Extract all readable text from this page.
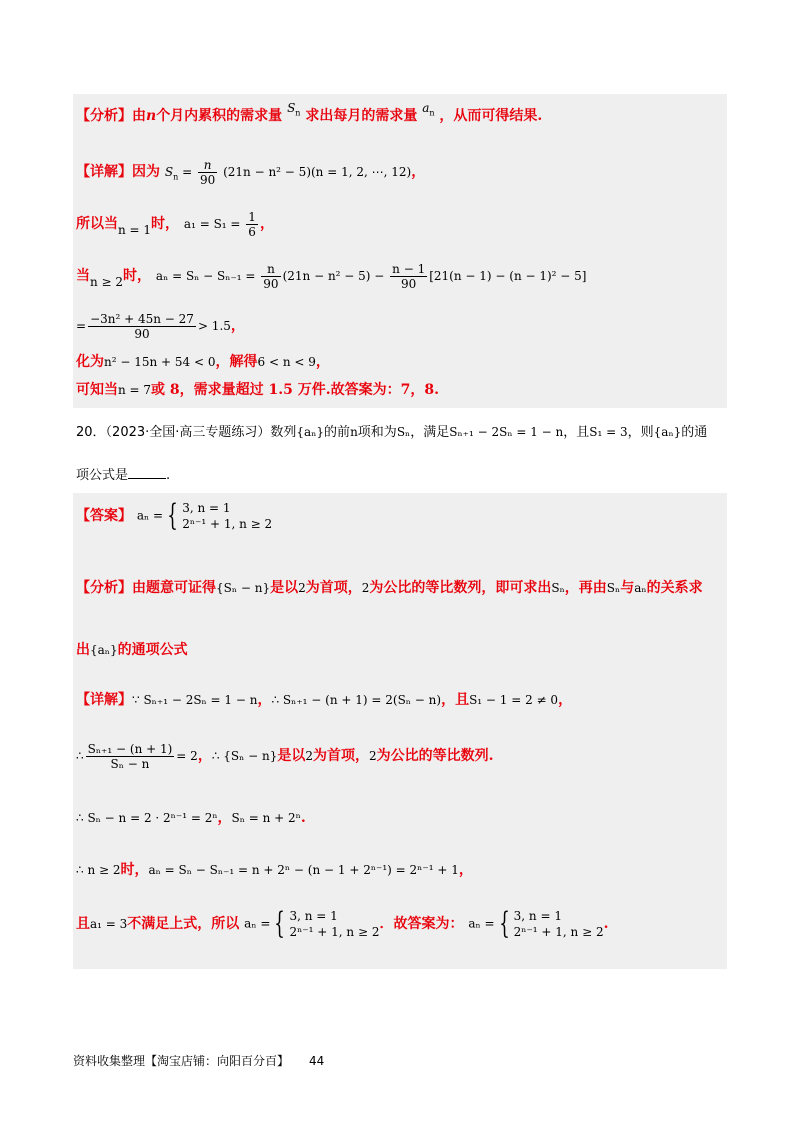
【分析】由n个月内累积的需求量 $S_n$ 求出每月的需求量 $a_n$ ，从而可得结果.
【详解】因为 $S_n = \frac{n}{90} (21n - n^2 - 5)(n = 1$, 2, ⋯, 12)，
所以当n = 1时， $a_1 = S_1 = \frac{1}{6}$ ，
当n ≥ 2时， $a_n = S_n - S_{n-1} = \frac{n}{90} (21n - n^2 - 5) - \frac{n - 1}{90} [21(n - 1) - (n - 1)^2 - 5]$
= $\frac{\text{−3n² + 45n − 27}}{90} > 1.5$，
化为n² − 15n + 54 < 0，解得6 < n < 9，
可知当n = 7或 8，需求量超过 1.5 万件.故答案为：7，8.
20．（2023·全国·高三专题练习）数列{aₙ}的前n项和为Sₙ，满足Sₙ₊₁ − 2Sₙ = 1 − n，且S₁ = 3，则{aₙ}的通
项公式是	.
【答案】 aₙ = { 3, n = 1
2ⁿ⁻¹ + 1, n ≥ 2
【分析】由题意可证得{Sₙ − n}是以2为首项，2为公比的等比数列，即可求出Sₙ，再由Sₙ与aₙ的关系求
出{aₙ}的通项公式
【详解】∵ Sₙ₊₁ − 2Sₙ = 1 − n，∴ Sₙ₊₁ − (n + 1) = 2(Sₙ − n)，且S₁ − 1 = 2 ≠ 0，
∴ $\frac{\text{Sₙ₊₁ − (n + 1)}}{\text{Sₙ − n}} = 2$，∴ {Sₙ − n}是以2为首项，2为公比的等比数列.
∴ Sₙ − n = 2 · 2ⁿ⁻¹ = 2ⁿ，Sₙ = n + 2ⁿ.
∴ n ≥ 2时，aₙ = Sₙ − Sₙ₋₁ = n + 2ⁿ − (n − 1 + 2ⁿ⁻¹) = 2ⁿ⁻¹ + 1，
且a₁ = 3不满足上式，所以 aₙ = { 3, n = 1
2ⁿ⁻¹ + 1, n ≥ 2 ．故答案为： aₙ = { 3, n = 1
2ⁿ⁻¹ + 1, n ≥ 2 .
资料收集整理【淘宝店铺：向阳百分百】 44
